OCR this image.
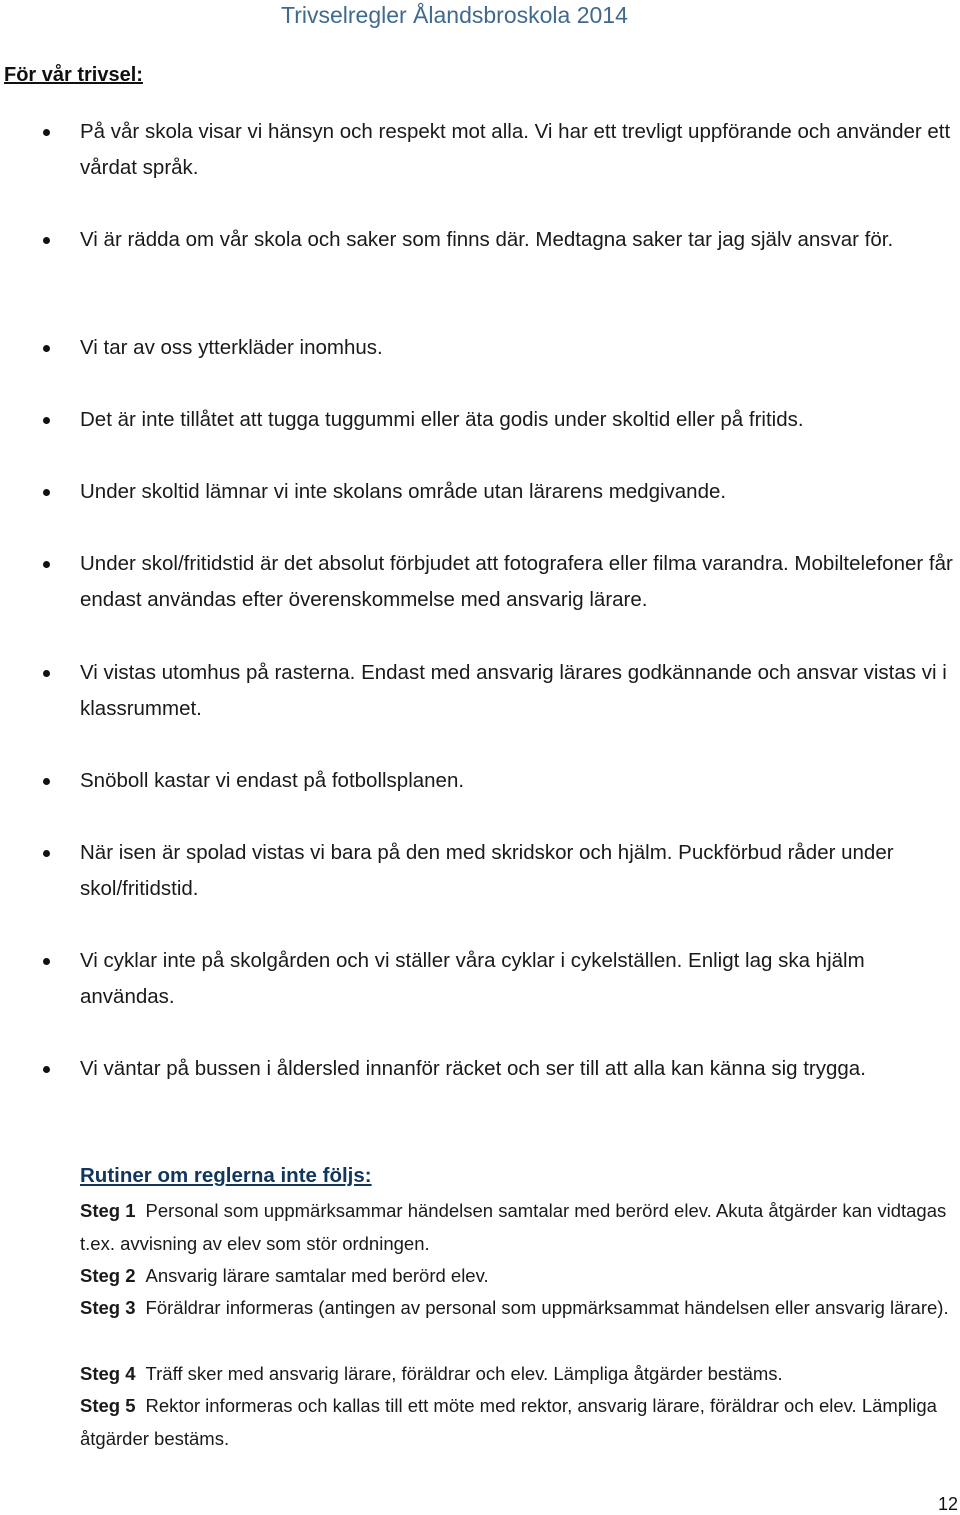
Trivselregler Ålandsbroskola 2014
För vår trivsel:
På vår skola visar vi hänsyn och respekt mot alla. Vi har ett trevligt uppförande och använder ett vårdat språk.
Vi är rädda om vår skola och saker som finns där. Medtagna saker tar jag själv ansvar för.
Vi tar av oss ytterkläder inomhus.
Det är inte tillåtet att tugga tuggummi eller äta godis under skoltid eller på fritids.
Under skoltid lämnar vi inte skolans område utan lärarens medgivande.
Under skol/fritidstid är det absolut förbjudet att fotografera eller filma varandra. Mobiltelefoner får endast användas efter överenskommelse med ansvarig lärare.
Vi vistas utomhus på rasterna. Endast med ansvarig lärares godkännande och ansvar vistas vi i klassrummet.
Snöboll kastar vi endast på fotbollsplanen.
När isen är spolad vistas vi bara på den med skridskor och hjälm. Puckförbud råder under skol/fritidstid.
Vi cyklar inte på skolgården och vi ställer våra cyklar i cykelställen. Enligt lag ska hjälm användas.
Vi väntar på bussen i åldersled innanför räcket och ser till att alla kan känna sig trygga.
Rutiner om reglerna inte följs:
Steg 1 Personal som uppmärksammar händelsen samtalar med berörd elev. Akuta åtgärder kan vidtagas t.ex. avvisning av elev som stör ordningen.
Steg 2 Ansvarig lärare samtalar med berörd elev.
Steg 3 Föräldrar informeras (antingen av personal som uppmärksammat händelsen eller ansvarig lärare).
Steg 4 Träff sker med ansvarig lärare, föräldrar och elev. Lämpliga åtgärder bestäms.
Steg 5 Rektor informeras och kallas till ett möte med rektor, ansvarig lärare, föräldrar och elev. Lämpliga åtgärder bestäms.
12
